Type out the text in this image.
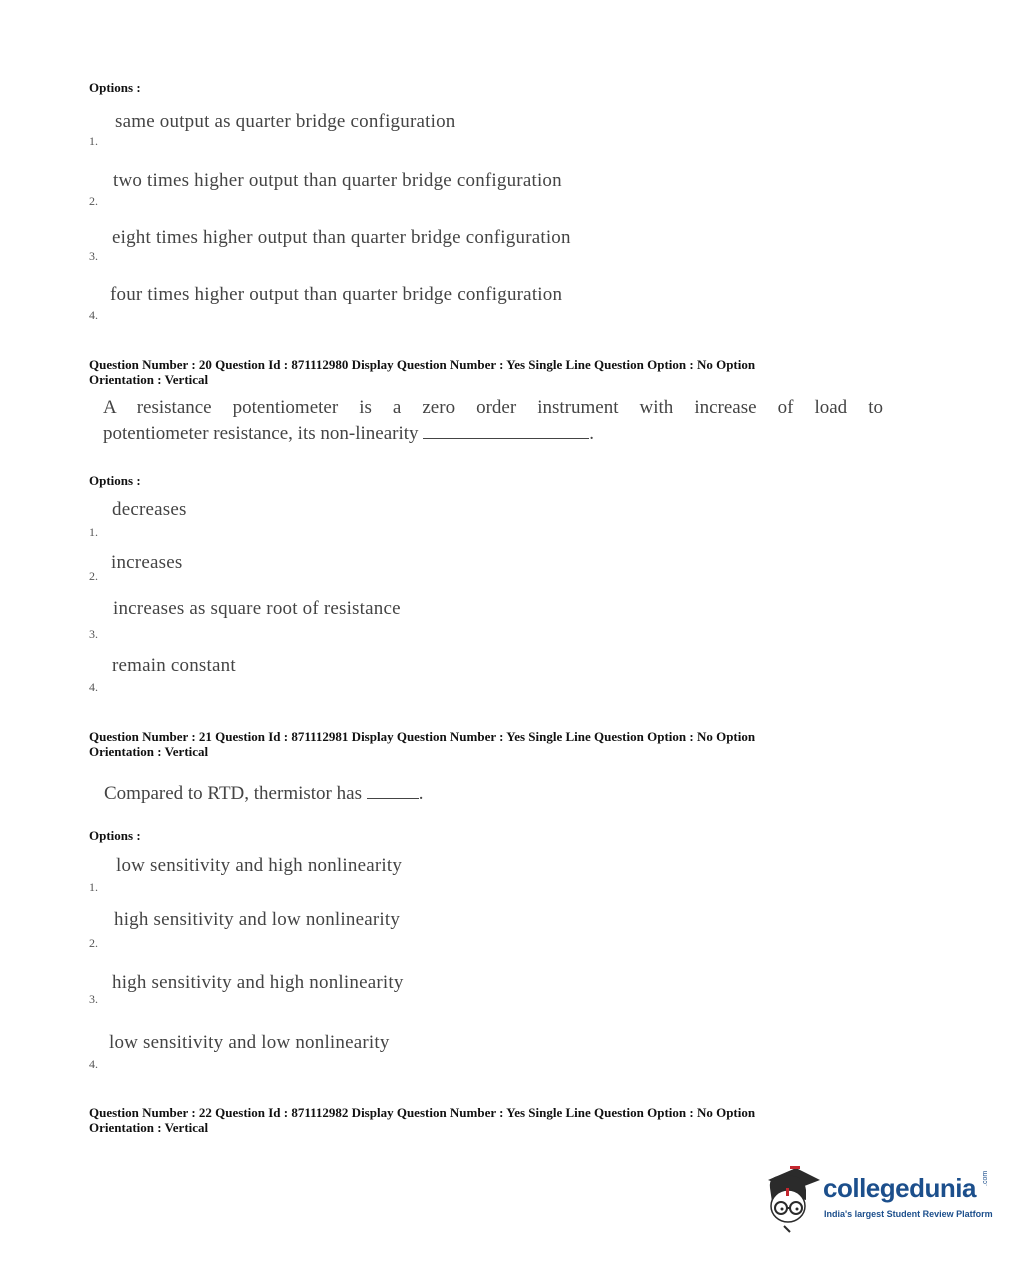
Options :
same output as quarter bridge configuration
1.
two times higher output than quarter bridge configuration
2.
eight times higher output than quarter bridge configuration
3.
four times higher output than quarter bridge configuration
4.
Question Number : 20 Question Id : 871112980 Display Question Number : Yes Single Line Question Option : No Option
Orientation : Vertical
A resistance potentiometer is a zero order instrument with increase of load to
potentiometer resistance, its non-linearity	.
Options :
decreases
1.
increases
2.
increases as square root of resistance
3.
remain constant
4.
Question Number : 21 Question Id : 871112981 Display Question Number : Yes Single Line Question Option : No Option
Orientation : Vertical
Compared to RTD, thermistor has	.
Options :
low sensitivity and high nonlinearity
1.
high sensitivity and low nonlinearity
2.
high sensitivity and high nonlinearity
3.
low sensitivity and low nonlinearity
4.
Question Number : 22 Question Id : 871112982 Display Question Number : Yes Single Line Question Option : No Option
Orientation : Vertical
collegedunia .com
India's largest Student Review Platform
